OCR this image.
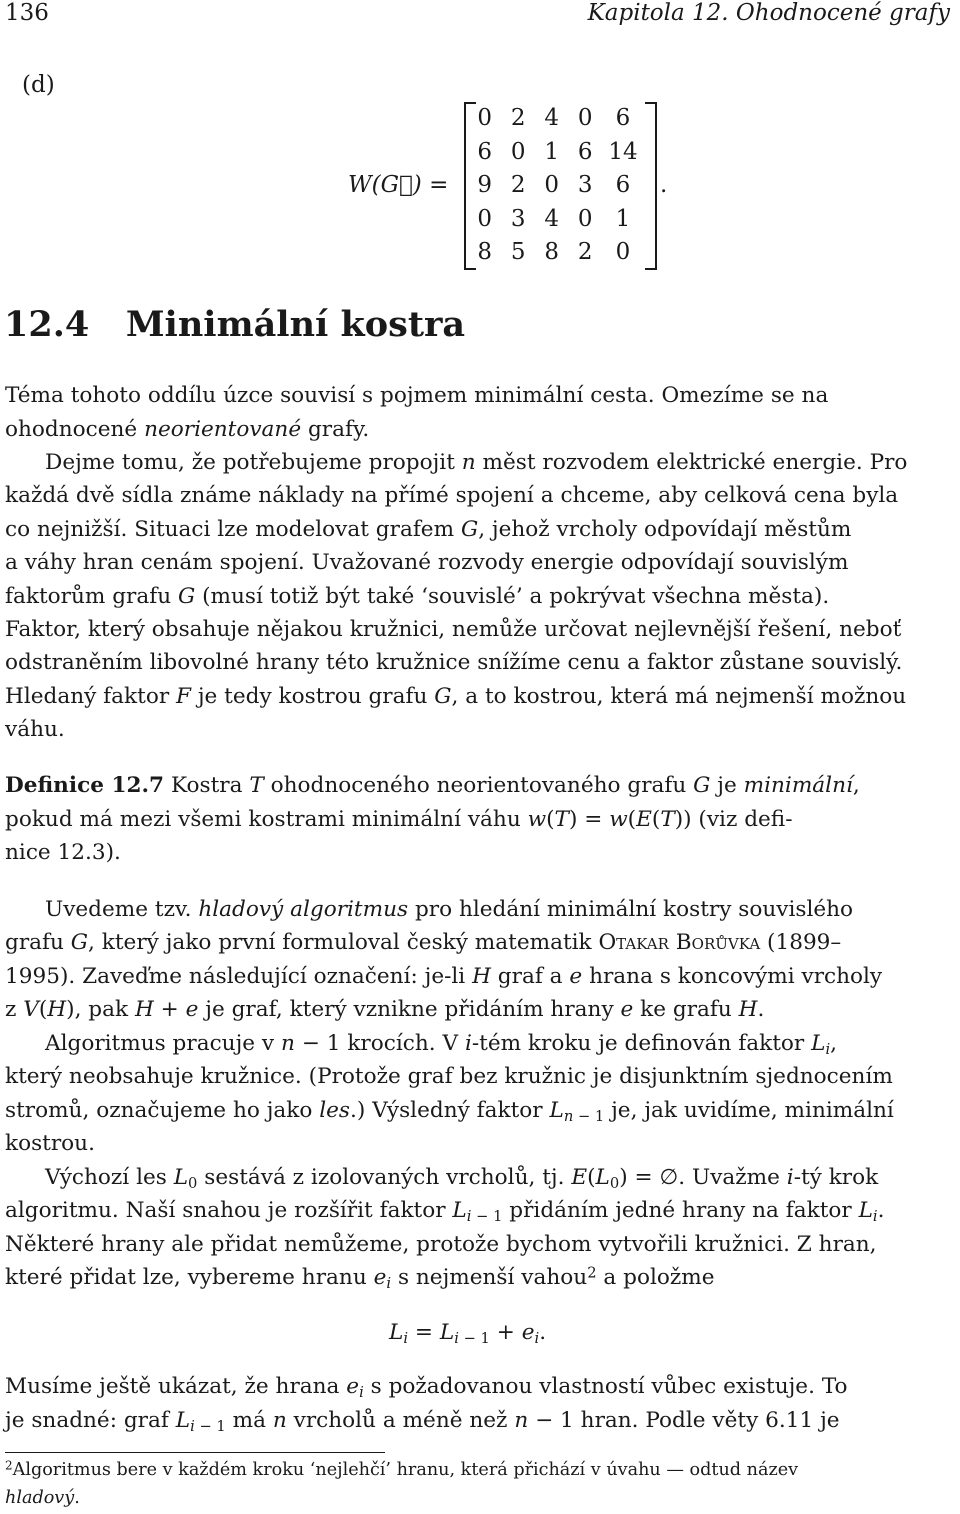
136	Kapitola 12. Ohodnocené grafy
(d)
W(G⃗) =
0 2 4 0 6
6 0 1 6 14
9 2 0 3 6
0 3 4 0 1
8 5 8 2 0
.
12.4 Minimální kostra
Téma tohoto oddílu úzce souvisí s pojmem minimální cesta. Omezíme se na
ohodnocené neorientované grafy.
Dejme tomu, že potřebujeme propojit n měst rozvodem elektrické energie. Pro
každá dvě sídla známe náklady na přímé spojení a chceme, aby celková cena byla
co nejnižší. Situaci lze modelovat grafem G, jehož vrcholy odpovídají městům
a váhy hran cenám spojení. Uvažované rozvody energie odpovídají souvislým
faktorům grafu G (musí totiž být také ‘souvislé’ a pokrývat všechna města).
Faktor, který obsahuje nějakou kružnici, nemůže určovat nejlevnější řešení, neboť
odstraněním libovolné hrany této kružnice snížíme cenu a faktor zůstane souvislý.
Hledaný faktor F je tedy kostrou grafu G, a to kostrou, která má nejmenší možnou
váhu.
Definice 12.7 Kostra T ohodnoceného neorientovaného grafu G je minimální,
pokud má mezi všemi kostrami minimální váhu w(T) = w(E(T)) (viz defi-
nice 12.3).
Uvedeme tzv. hladový algoritmus pro hledání minimální kostry souvislého
grafu G, který jako první formuloval český matematik Otakar Borůvka (1899–
1995). Zaveďme následující označení: je-li H graf a e hrana s koncovými vrcholy
z V(H), pak H + e je graf, který vznikne přidáním hrany e ke grafu H.
Algoritmus pracuje v n − 1 krocích. V i-tém kroku je definován faktor $L_i$,
který neobsahuje kružnice. (Protože graf bez kružnic je disjunktním sjednocením
stromů, označujeme ho jako les.) Výsledný faktor $L_{n - 1}$ je, jak uvidíme, minimální
kostrou.
Výchozí les $L_0$ sestává z izolovaných vrcholů, tj. $E(L_0)$ = ∅. Uvažme i-tý krok
algoritmu. Naší snahou je rozšířit faktor $L_{i - 1}$ přidáním jedné hrany na faktor $L_i$.
Některé hrany ale přidat nemůžeme, protože bychom vytvořili kružnici. Z hran,
které přidat lze, vybereme hranu $e_i$ s nejmenší vahou$^2$ a položme
$L_i = L_{i - 1} + e_i$.
Musíme ještě ukázat, že hrana $e_i$ s požadovanou vlastností vůbec existuje. To
je snadné: graf $L_{i - 1}$ má n vrcholů a méně než n − 1 hran. Podle věty 6.11 je
$^2$Algoritmus bere v každém kroku ‘nejlehčí’ hranu, která přichází v úvahu — odtud název
hladový.
